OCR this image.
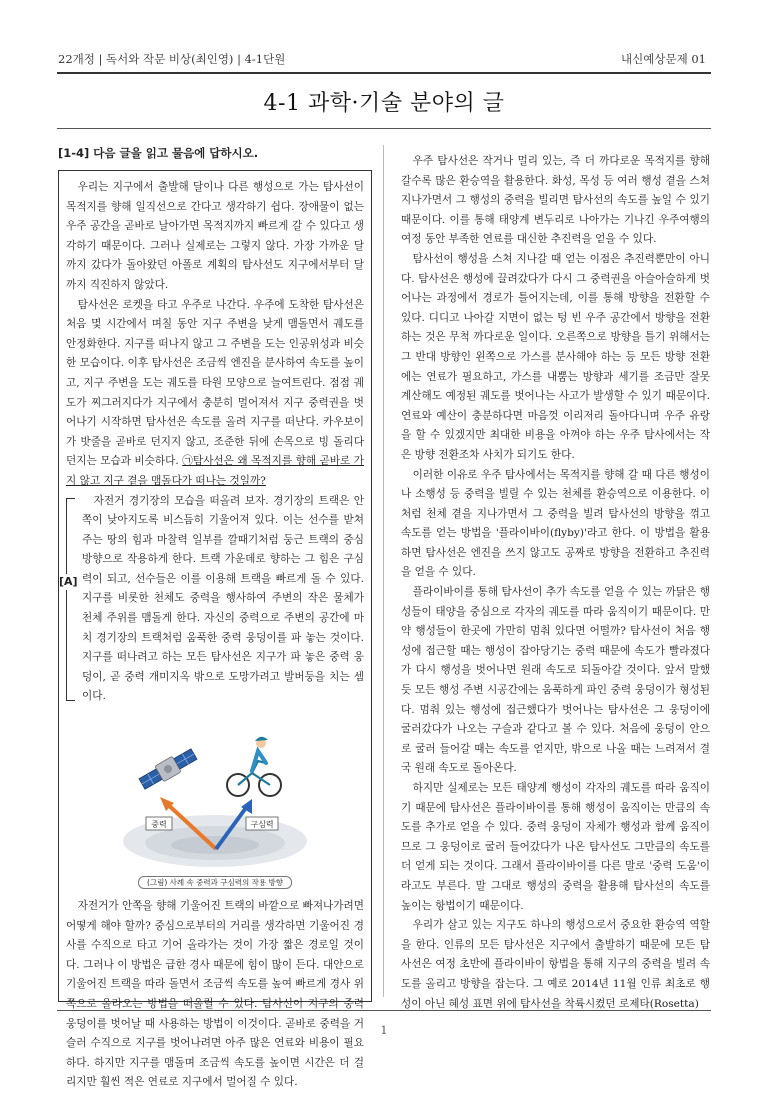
22개정 | 독서와 작문 비상(최인영) | 4-1단원	내신예상문제 01
4-1 과학·기술 분야의 글
[1-4] 다음 글을 읽고 물음에 답하시오.

우리는 지구에서 출발해 달이나 다른 행성으로 가는 탐사선이 목적지를 향해 일직선으로 간다고 생각하기 쉽다. 장애물이 없는 우주 공간을 곧바로 날아가면 목적지까지 빠르게 갈 수 있다고 생각하기 때문이다. 그러나 실제로는 그렇지 않다. 가장 가까운 달까지 갔다가 돌아왔던 아폴로 계획의 탐사선도 지구에서부터 달까지 직진하지 않았다.

탐사선은 로켓을 타고 우주로 나간다. 우주에 도착한 탐사선은 처음 몇 시간에서 며칠 동안 지구 주변을 낮게 맴돌면서 궤도를 안정화한다. 지구를 떠나지 않고 그 주변을 도는 인공위성과 비슷한 모습이다. 이후 탐사선은 조금씩 엔진을 분사하여 속도를 높이고, 지구 주변을 도는 궤도를 타원 모양으로 늘여트린다. 점점 궤도가 찌그러지다가 지구에서 충분히 멀어져서 지구 중력권을 벗어나기 시작하면 탐사선은 속도를 올려 지구를 떠난다. 카우보이가 밧줄을 곧바로 던지지 않고, 조준한 뒤에 손목으로 빙 돌리다 던지는 모습과 비슷하다. ㉠탐사선은 왜 목적지를 향해 곧바로 가지 않고 지구 곁을 맴돌다가 떠나는 것일까?

[A]

자전거 경기장의 모습을 떠올려 보자. 경기장의 트랙은 안쪽이 낮아지도록 비스듬히 기울어져 있다. 이는 선수를 받쳐 주는 땅의 힘과 마찰력 일부를 깔때기처럼 둥근 트랙의 중심 방향으로 작용하게 한다. 트랙 가운데로 향하는 그 힘은 구심력이 되고, 선수들은 이를 이용해 트랙을 빠르게 돌 수 있다. 지구를 비롯한 천체도 중력을 행사하여 주변의 작은 물체가 천체 주위를 맴돌게 한다. 자신의 중력으로 주변의 공간에 마치 경기장의 트랙처럼 움푹한 중력 웅덩이를 파 놓는 것이다. 지구를 떠나려고 하는 모든 탐사선은 지구가 파 놓은 중력 웅덩이, 곧 중력 개미지옥 밖으로 도망가려고 발버둥을 치는 셈이다.

중력	구심력
(그림) 사례 속 중력과 구심력의 작용 방향

자전거가 안쪽을 향해 기울어진 트랙의 바깥으로 빠져나가려면 어떻게 해야 할까? 중심으로부터의 거리를 생각하면 기울어진 경사를 수직으로 타고 기어 올라가는 것이 가장 짧은 경로일 것이다. 그러나 이 방법은 급한 경사 때문에 힘이 많이 든다. 대안으로 기울어진 트랙을 따라 돌면서 조금씩 속도를 높여 빠르게 경사 위쪽으로 올라오는 방법을 떠올릴 수 있다. 탐사선이 지구의 중력 웅덩이를 벗어날 때 사용하는 방법이 이것이다. 곧바로 중력을 거슬러 수직으로 지구를 벗어나려면 아주 많은 연료와 비용이 필요하다. 하지만 지구를 맴돌며 조금씩 속도를 높이면 시간은 더 걸리지만 훨씬 적은 연료로 지구에서 멀어질 수 있다.

우주 탐사선은 작거나 멀리 있는, 즉 더 까다로운 목적지를 향해 갈수록 많은 환승역을 활용한다. 화성, 목성 등 여러 행성 곁을 스쳐 지나가면서 그 행성의 중력을 빌리면 탐사선의 속도를 높일 수 있기 때문이다. 이를 통해 태양계 변두리로 나아가는 기나긴 우주여행의 여정 동안 부족한 연료를 대신한 추진력을 얻을 수 있다.

탐사선이 행성을 스쳐 지나갈 때 얻는 이점은 추진력뿐만이 아니다. 탐사선은 행성에 끌려갔다가 다시 그 중력권을 아슬아슬하게 벗어나는 과정에서 경로가 틀어지는데, 이를 통해 방향을 전환할 수 있다. 디디고 나아갈 지면이 없는 텅 빈 우주 공간에서 방향을 전환하는 것은 무척 까다로운 일이다. 오른쪽으로 방향을 틀기 위해서는 그 반대 방향인 왼쪽으로 가스를 분사해야 하는 등 모든 방향 전환에는 연료가 필요하고, 가스를 내뿜는 방향과 세기를 조금만 잘못 계산해도 예정된 궤도를 벗어나는 사고가 발생할 수 있기 때문이다. 연료와 예산이 충분하다면 마음껏 이리저리 돌아다니며 우주 유랑을 할 수 있겠지만 최대한 비용을 아껴야 하는 우주 탐사에서는 작은 방향 전환조차 사치가 되기도 한다.

이러한 이유로 우주 탐사에서는 목적지를 향해 갈 때 다른 행성이나 소행성 등 중력을 빌릴 수 있는 천체를 환승역으로 이용한다. 이처럼 천체 곁을 지나가면서 그 중력을 빌려 탐사선의 방향을 꺾고 속도를 얻는 방법을 '플라이바이(flyby)'라고 한다. 이 방법을 활용하면 탐사선은 엔진을 쓰지 않고도 공짜로 방향을 전환하고 추진력을 얻을 수 있다.

플라이바이를 통해 탐사선이 추가 속도를 얻을 수 있는 까닭은 행성들이 태양을 중심으로 각자의 궤도를 따라 움직이기 때문이다. 만약 행성들이 한곳에 가만히 멈춰 있다면 어떨까? 탐사선이 처음 행성에 접근할 때는 행성이 잡아당기는 중력 때문에 속도가 빨라졌다가 다시 행성을 벗어나면 원래 속도로 되돌아갈 것이다. 앞서 말했듯 모든 행성 주변 시공간에는 움푹하게 파인 중력 웅덩이가 형성된다. 멈춰 있는 행성에 접근했다가 벗어나는 탐사선은 그 웅덩이에 굴러갔다가 나오는 구슬과 같다고 볼 수 있다. 처음에 웅덩이 안으로 굴러 들어갈 때는 속도를 얻지만, 밖으로 나올 때는 느려져서 결국 원래 속도로 돌아온다.

하지만 실제로는 모든 태양계 행성이 각자의 궤도를 따라 움직이기 때문에 탐사선은 플라이바이를 통해 행성이 움직이는 만큼의 속도를 추가로 얻을 수 있다. 중력 웅덩이 자체가 행성과 함께 움직이므로 그 웅덩이로 굴러 들어갔다가 나온 탐사선도 그만큼의 속도를 더 얻게 되는 것이다. 그래서 플라이바이를 다른 말로 '중력 도움'이라고도 부른다. 말 그대로 행성의 중력을 활용해 탐사선의 속도를 높이는 항법이기 때문이다.

우리가 살고 있는 지구도 하나의 행성으로서 중요한 환승역 역할을 한다. 인류의 모든 탐사선은 지구에서 출발하기 때문에 모든 탐사선은 여정 초반에 플라이바이 항법을 통해 지구의 중력을 빌려 속도를 올리고 방향을 잡는다. 그 예로 2014년 11월 인류 최초로 행성이 아닌 혜성 표면 위에 탐사선을 착륙시켰던 로제타(Rosetta)

1
